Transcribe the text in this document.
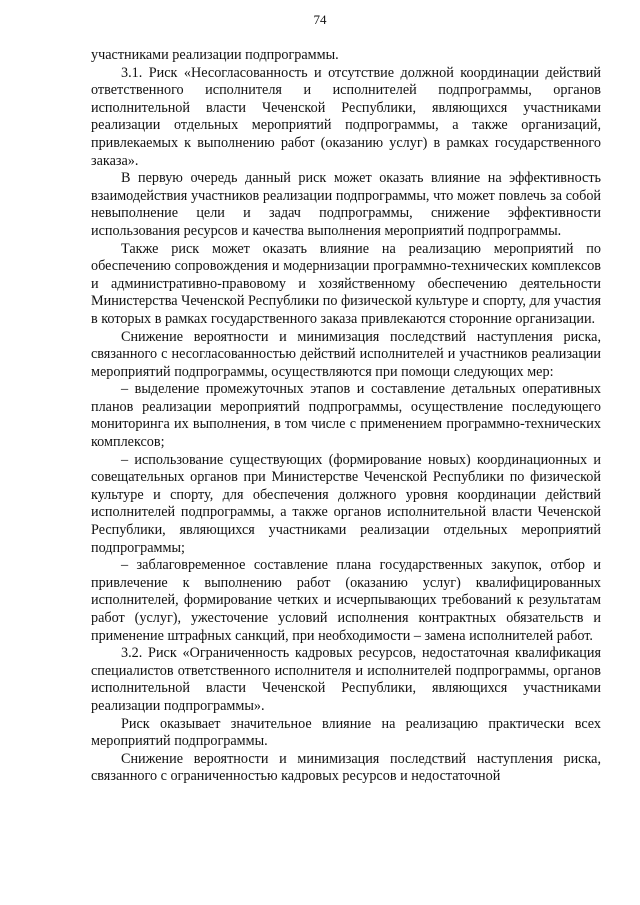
74

участниками реализации подпрограммы.

3.1. Риск «Несогласованность и отсутствие должной координации действий ответственного исполнителя и исполнителей подпрограммы, органов исполнительной власти Чеченской Республики, являющихся участниками реализации отдельных мероприятий подпрограммы, а также организаций, привлекаемых к выполнению работ (оказанию услуг) в рамках государственного заказа».

В первую очередь данный риск может оказать влияние на эффективность взаимодействия участников реализации подпрограммы, что может повлечь за собой невыполнение цели и задач подпрограммы, снижение эффективности использования ресурсов и качества выполнения мероприятий подпрограммы.

Также риск может оказать влияние на реализацию мероприятий по обеспечению сопровождения и модернизации программно-технических комплексов и административно-правовому и хозяйственному обеспечению деятельности Министерства Чеченской Республики по физической культуре и спорту, для участия в которых в рамках государственного заказа привлекаются сторонние организации.

Снижение вероятности и минимизация последствий наступления риска, связанного с несогласованностью действий исполнителей и участников реализации мероприятий подпрограммы, осуществляются при помощи следующих мер:

– выделение промежуточных этапов и составление детальных оперативных планов реализации мероприятий подпрограммы, осуществление последующего мониторинга их выполнения, в том числе с применением программно-технических комплексов;

– использование существующих (формирование новых) координационных и совещательных органов при Министерстве Чеченской Республики по физической культуре и спорту, для обеспечения должного уровня координации действий исполнителей подпрограммы, а также органов исполнительной власти Чеченской Республики, являющихся участниками реализации отдельных мероприятий подпрограммы;

– заблаговременное составление плана государственных закупок, отбор и привлечение к выполнению работ (оказанию услуг) квалифицированных исполнителей, формирование четких и исчерпывающих требований к результатам работ (услуг), ужесточение условий исполнения контрактных обязательств и применение штрафных санкций, при необходимости – замена исполнителей работ.

3.2. Риск «Ограниченность кадровых ресурсов, недостаточная квалификация специалистов ответственного исполнителя и исполнителей подпрограммы, органов исполнительной власти Чеченской Республики, являющихся участниками реализации подпрограммы».

Риск оказывает значительное влияние на реализацию практически всех мероприятий подпрограммы.

Снижение вероятности и минимизация последствий наступления риска, связанного с ограниченностью кадровых ресурсов и недостаточной
